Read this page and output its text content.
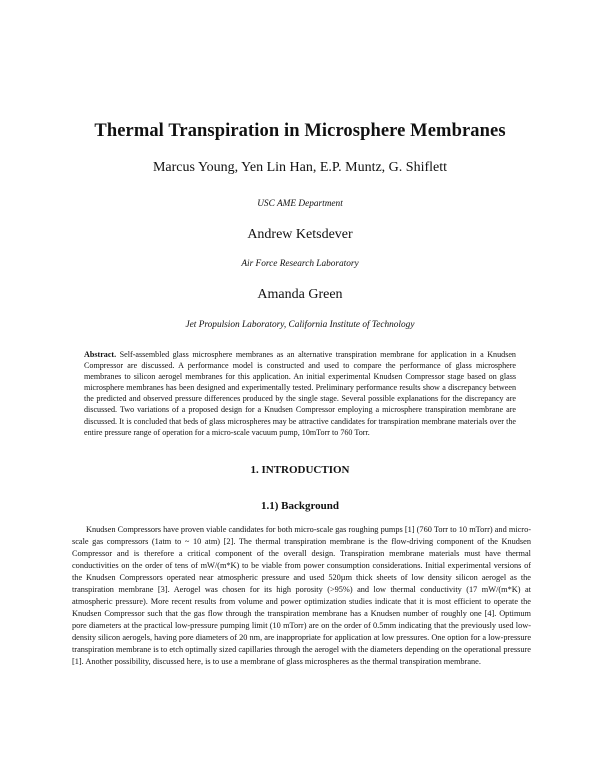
Thermal Transpiration in Microsphere Membranes
Marcus Young, Yen Lin Han, E.P. Muntz, G. Shiflett
USC AME Department
Andrew Ketsdever
Air Force Research Laboratory
Amanda Green
Jet Propulsion Laboratory, California Institute of Technology
Abstract. Self-assembled glass microsphere membranes as an alternative transpiration membrane for application in a Knudsen Compressor are discussed. A performance model is constructed and used to compare the performance of glass microsphere membranes to silicon aerogel membranes for this application. An initial experimental Knudsen Compressor stage based on glass microsphere membranes has been designed and experimentally tested. Preliminary performance results show a discrepancy between the predicted and observed pressure differences produced by the single stage. Several possible explanations for the discrepancy are discussed. Two variations of a proposed design for a Knudsen Compressor employing a microsphere transpiration membrane are discussed. It is concluded that beds of glass microspheres may be attractive candidates for transpiration membrane materials over the entire pressure range of operation for a micro-scale vacuum pump, 10mTorr to 760 Torr.
1. INTRODUCTION
1.1) Background
Knudsen Compressors have proven viable candidates for both micro-scale gas roughing pumps [1] (760 Torr to 10 mTorr) and micro-scale gas compressors (1atm to ~ 10 atm) [2]. The thermal transpiration membrane is the flow-driving component of the Knudsen Compressor and is therefore a critical component of the overall design. Transpiration membrane materials must have thermal conductivities on the order of tens of mW/(m*K) to be viable from power consumption considerations. Initial experimental versions of the Knudsen Compressors operated near atmospheric pressure and used 520µm thick sheets of low density silicon aerogel as the transpiration membrane [3]. Aerogel was chosen for its high porosity (>95%) and low thermal conductivity (17 mW/(m*K) at atmospheric pressure). More recent results from volume and power optimization studies indicate that it is most efficient to operate the Knudsen Compressor such that the gas flow through the transpiration membrane has a Knudsen number of roughly one [4]. Optimum pore diameters at the practical low-pressure pumping limit (10 mTorr) are on the order of 0.5mm indicating that the previously used low-density silicon aerogels, having pore diameters of 20 nm, are inappropriate for application at low pressures. One option for a low-pressure transpiration membrane is to etch optimally sized capillaries through the aerogel with the diameters depending on the operational pressure [1]. Another possibility, discussed here, is to use a membrane of glass microspheres as the thermal transpiration membrane.
